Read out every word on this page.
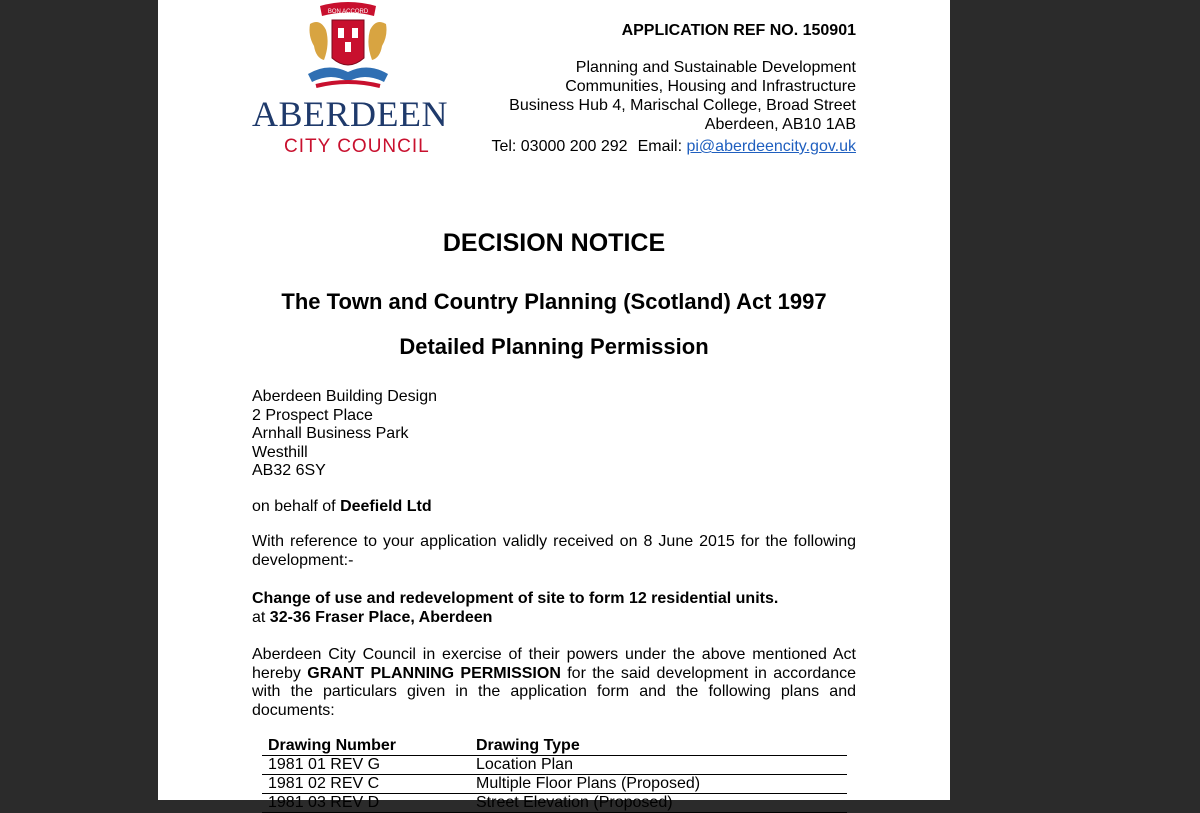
BON ACCORD
ABERDEEN
CITY COUNCIL
APPLICATION REF NO. 150901
Planning and Sustainable Development
Communities, Housing and Infrastructure
Business Hub 4, Marischal College, Broad Street
Aberdeen, AB10 1AB
Tel: 03000 200 292 Email: pi@aberdeencity.gov.uk
DECISION NOTICE
The Town and Country Planning (Scotland) Act 1997
Detailed Planning Permission
Aberdeen Building Design
2 Prospect Place
Arnhall Business Park
Westhill
AB32 6SY
on behalf of Deefield Ltd
With reference to your application validly received on 8 June 2015 for the following development:-
Change of use and redevelopment of site to form 12 residential units.
at 32-36 Fraser Place, Aberdeen
Aberdeen City Council in exercise of their powers under the above mentioned Act hereby GRANT PLANNING PERMISSION for the said development in accordance with the particulars given in the application form and the following plans and documents:
Drawing Number	Drawing Type
1981 01 REV G	Location Plan
1981 02 REV C	Multiple Floor Plans (Proposed)
1981 03 REV D	Street Elevation (Proposed)
